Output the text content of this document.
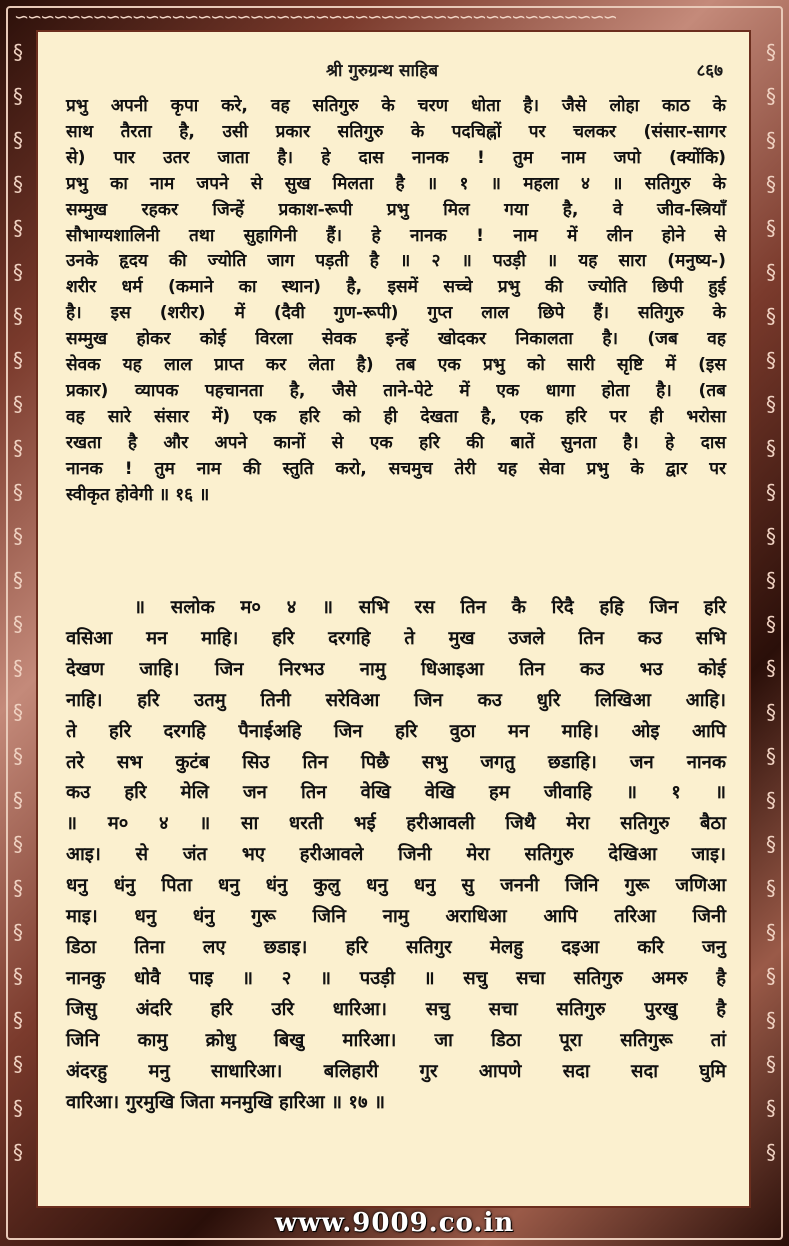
∽∽∽∽∽∽∽∽∽∽∽∽∽∽∽∽∽∽∽∽∽∽∽∽∽∽∽∽∽∽∽∽∽∽∽∽∽∽∽∽∽∽∽∽∽∽
§
§
§
§
§
§
§
§
§
§
§
§
§
§
§
§
§
§
§
§
§
§
§
§
§
§
§
§
§
§
§
§
§
§
§
§
§
§
§
§
§
§
§
§
§
§
§
§
§
§
§
§
श्री गुरुग्रन्थ साहिब	८६७
प्रभु अपनी कृपा करे, वह सतिगुरु के चरण धोता है। जैसे लोहा काठ के
साथ तैरता है, उसी प्रकार सतिगुरु के पदचिह्नों पर चलकर (संसार-सागर
से) पार उतर जाता है। हे दास नानक ! तुम नाम जपो (क्योंकि)
प्रभु का नाम जपने से सुख मिलता है ॥ १ ॥ महला ४ ॥ सतिगुरु के
सम्मुख रहकर जिन्हें प्रकाश-रूपी प्रभु मिल गया है, वे जीव-स्त्रियाँ
सौभाग्यशालिनी तथा सुहागिनी हैं। हे नानक ! नाम में लीन होने से
उनके हृदय की ज्योति जाग पड़ती है ॥ २ ॥ पउड़ी ॥ यह सारा (मनुष्य-)
शरीर धर्म (कमाने का स्थान) है, इसमें सच्चे प्रभु की ज्योति छिपी हुई
है। इस (शरीर) में (दैवी गुण-रूपी) गुप्त लाल छिपे हैं। सतिगुरु के
सम्मुख होकर कोई विरला सेवक इन्हें खोदकर निकालता है। (जब वह
सेवक यह लाल प्राप्त कर लेता है) तब एक प्रभु को सारी सृष्टि में (इस
प्रकार) व्यापक पहचानता है, जैसे ताने-पेटे में एक धागा होता है। (तब
वह सारे संसार में) एक हरि को ही देखता है, एक हरि पर ही भरोसा
रखता है और अपने कानों से एक हरि की बातें सुनता है। हे दास
नानक ! तुम नाम की स्तुति करो, सचमुच तेरी यह सेवा प्रभु के द्वार पर
स्वीकृत होवेगी ॥ १६ ॥
॥ सलोक म० ४ ॥ सभि रस तिन कै रिदै हहि जिन हरि
वसिआ मन माहि। हरि दरगहि ते मुख उजले तिन कउ सभि
देखण जाहि। जिन निरभउ नामु धिआइआ तिन कउ भउ कोई
नाहि। हरि उतमु तिनी सरेविआ जिन कउ धुरि लिखिआ आहि।
ते हरि दरगहि पैनाईअहि जिन हरि वुठा मन माहि। ओइ आपि
तरे सभ कुटंब सिउ तिन पिछै सभु जगतु छडाहि। जन नानक
कउ हरि मेलि जन तिन वेखि वेखि हम जीवाहि ॥ १ ॥
॥ म० ४ ॥ सा धरती भई हरीआवली जिथै मेरा सतिगुरु बैठा
आइ। से जंत भए हरीआवले जिनी मेरा सतिगुरु देखिआ जाइ।
धनु धंनु पिता धनु धंनु कुलु धनु धनु सु जननी जिनि गुरू जणिआ
माइ। धनु धंनु गुरू जिनि नामु अराधिआ आपि तरिआ जिनी
डिठा तिना लए छडाइ। हरि सतिगुर मेलहु दइआ करि जनु
नानकु धोवै पाइ ॥ २ ॥ पउड़ी ॥ सचु सचा सतिगुरु अमरु है
जिसु अंदरि हरि उरि धारिआ। सचु सचा सतिगुरु पुरखु है
जिनि कामु क्रोधु बिखु मारिआ। जा डिठा पूरा सतिगुरू तां
अंदरहु मनु साधारिआ। बलिहारी गुर आपणे सदा सदा घुमि
वारिआ। गुरमुखि जिता मनमुखि हारिआ ॥ १७ ॥
www.9009.co.in
